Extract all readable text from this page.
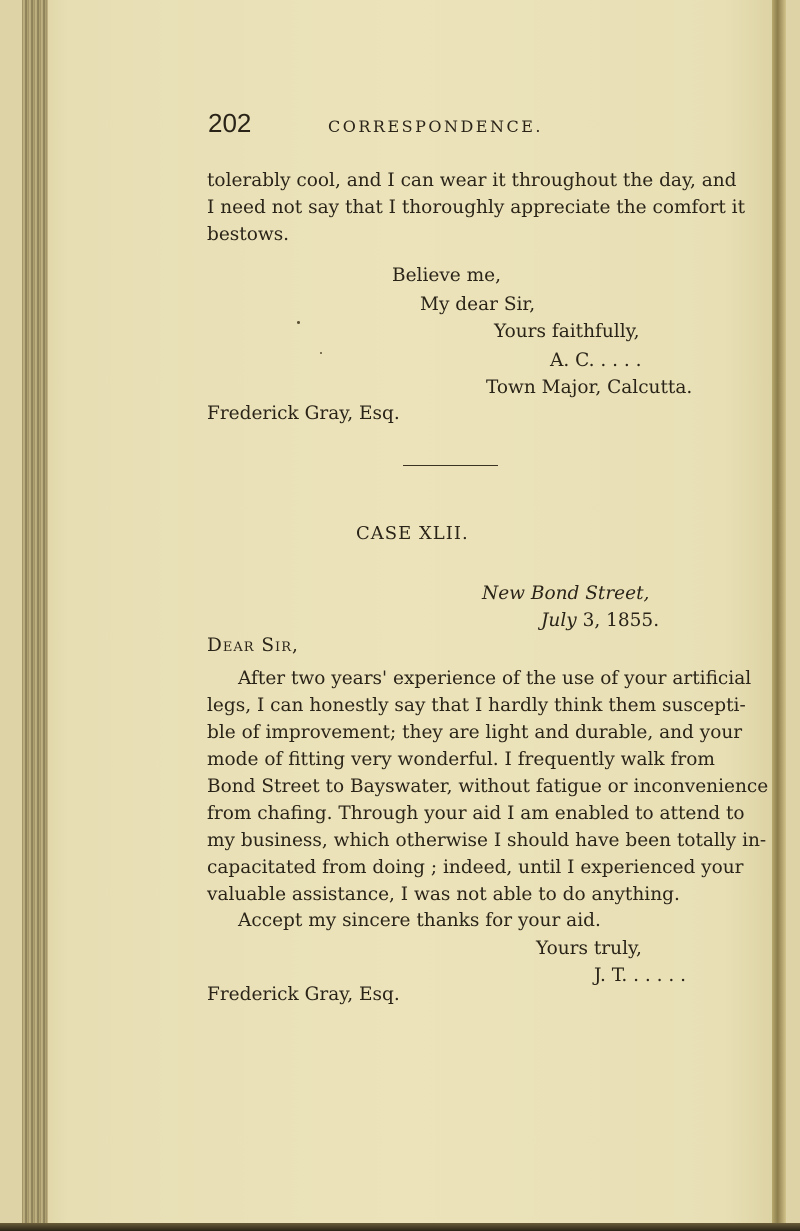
202	CORRESPONDENCE.
tolerably cool, and I can wear it throughout the day, and
I need not say that I thoroughly appreciate the comfort it
bestows.
Believe me,
My dear Sir,
Yours faithfully,
A. C. . . . .
Town Major, Calcutta.
Frederick Gray, Esq.
CASE XLII.
New Bond Street,
July 3, 1855.
Dear Sir,
After two years' experience of the use of your artificial
legs, I can honestly say that I hardly think them suscepti-
ble of improvement; they are light and durable, and your
mode of fitting very wonderful. I frequently walk from
Bond Street to Bayswater, without fatigue or inconvenience
from chafing. Through your aid I am enabled to attend to
my business, which otherwise I should have been totally in-
capacitated from doing ; indeed, until I experienced your
valuable assistance, I was not able to do anything.
Accept my sincere thanks for your aid.
Yours truly,
J. T. . . . . .
Frederick Gray, Esq.
